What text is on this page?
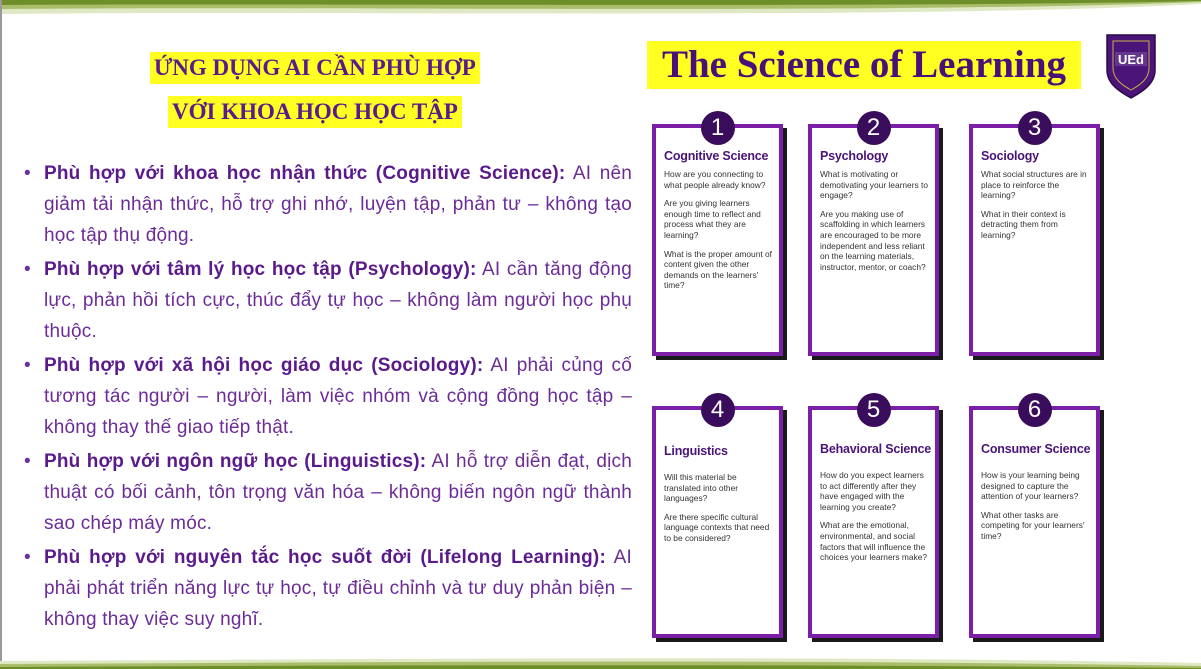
ỨNG DỤNG AI CẦN PHÙ HỢP
VỚI KHOA HỌC HỌC TẬP
• Phù hợp với khoa học nhận thức (Cognitive Science): AI nên giảm tải nhận thức, hỗ trợ ghi nhớ, luyện tập, phản tư – không tạo học tập thụ động.
• Phù hợp với tâm lý học học tập (Psychology): AI cần tăng động lực, phản hồi tích cực, thúc đẩy tự học – không làm người học phụ thuộc.
• Phù hợp với xã hội học giáo dục (Sociology): AI phải củng cố tương tác người – người, làm việc nhóm và cộng đồng học tập – không thay thế giao tiếp thật.
• Phù hợp với ngôn ngữ học (Linguistics): AI hỗ trợ diễn đạt, dịch thuật có bối cảnh, tôn trọng văn hóa – không biến ngôn ngữ thành sao chép máy móc.
• Phù hợp với nguyên tắc học suốt đời (Lifelong Learning): AI phải phát triển năng lực tự học, tự điều chỉnh và tư duy phản biện – không thay việc suy nghĩ.
The Science of Learning	UEd
1
Cognitive Science

How are you connecting to what people already know?

Are you giving learners enough time to reflect and process what they are learning?

What is the proper amount of content given the other demands on the learners' time?

2
Psychology

What is motivating or demotivating your learners to engage?

Are you making use of scaffolding in which learners are encouraged to be more independent and less reliant on the learning materials, instructor, mentor, or coach?

3
Sociology

What social structures are in place to reinforce the learning?

What in their context is detracting them from learning?

4
Linguistics

Will this material be translated into other languages?

Are there specific cultural language contexts that need to be considered?

5
Behavioral Science

How do you expect learners to act differently after they have engaged with the learning you create?

What are the emotional, environmental, and social factors that will influence the choices your learners make?

6
Consumer Science

How is your learning being designed to capture the attention of your learners?

What other tasks are competing for your learners' time?
